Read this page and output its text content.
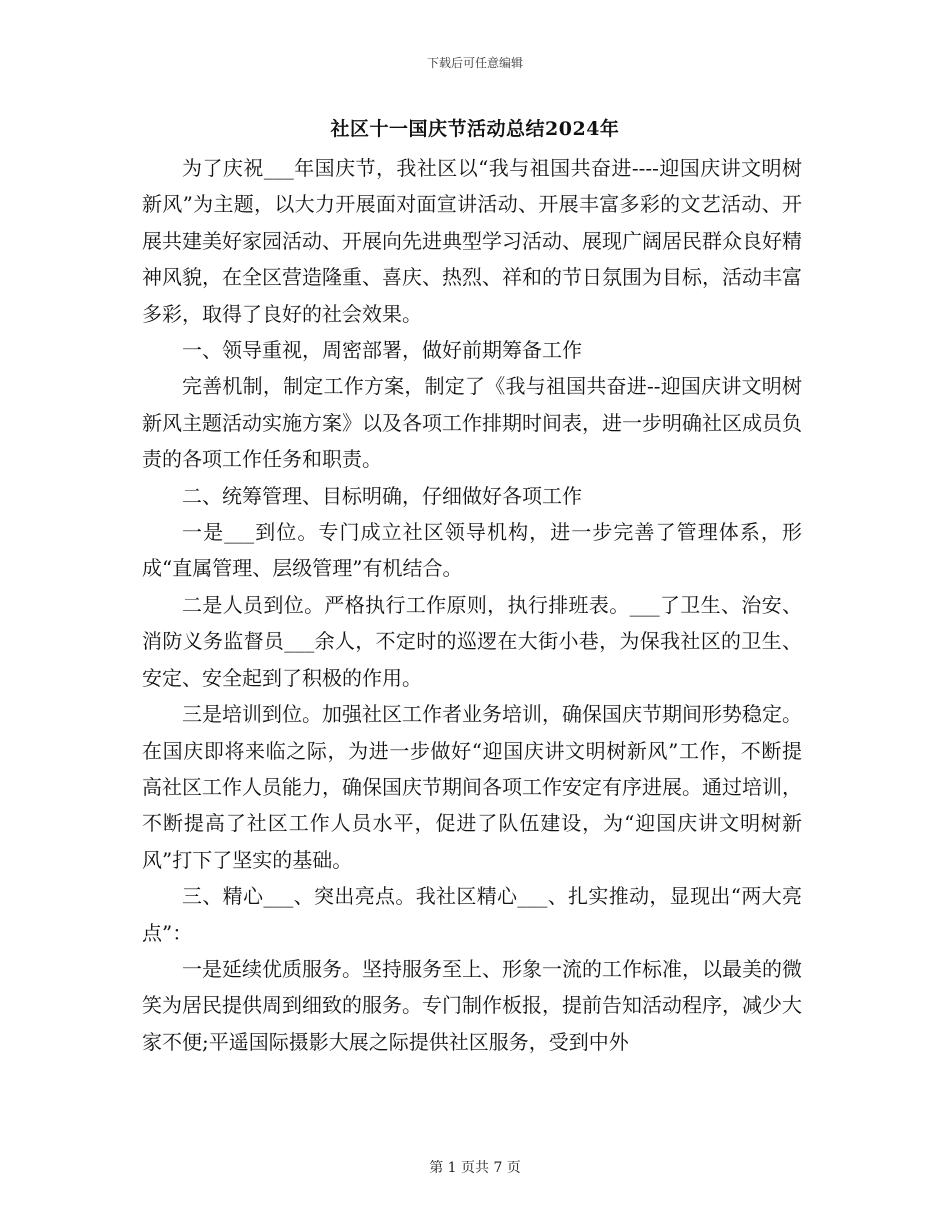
下载后可任意编辑
社区十一国庆节活动总结2024年

为了庆祝___年国庆节，我社区以“我与祖国共奋进----迎国庆讲文明树新风”为主题，以大力开展面对面宣讲活动、开展丰富多彩的文艺活动、开展共建美好家园活动、开展向先进典型学习活动、展现广阔居民群众良好精神风貌，在全区营造隆重、喜庆、热烈、祥和的节日氛围为目标，活动丰富多彩，取得了良好的社会效果。

一、领导重视，周密部署，做好前期筹备工作

完善机制，制定工作方案，制定了《我与祖国共奋进--迎国庆讲文明树新风主题活动实施方案》以及各项工作排期时间表，进一步明确社区成员负责的各项工作任务和职责。

二、统筹管理、目标明确，仔细做好各项工作

一是___到位。专门成立社区领导机构，进一步完善了管理体系，形成“直属管理、层级管理”有机结合。

二是人员到位。严格执行工作原则，执行排班表。___了卫生、治安、消防义务监督员___余人，不定时的巡逻在大街小巷，为保我社区的卫生、安定、安全起到了积极的作用。

三是培训到位。加强社区工作者业务培训，确保国庆节期间形势稳定。在国庆即将来临之际，为进一步做好“迎国庆讲文明树新风”工作，不断提高社区工作人员能力，确保国庆节期间各项工作安定有序进展。通过培训，不断提高了社区工作人员水平，促进了队伍建设，为“迎国庆讲文明树新风”打下了坚实的基础。

三、精心___、突出亮点。我社区精心___、扎实推动，显现出“两大亮点”：

一是延续优质服务。坚持服务至上、形象一流的工作标准，以最美的微笑为居民提供周到细致的服务。专门制作板报，提前告知活动程序，减少大家不便;平遥国际摄影大展之际提供社区服务，受到中外

第 1 页共 7 页
